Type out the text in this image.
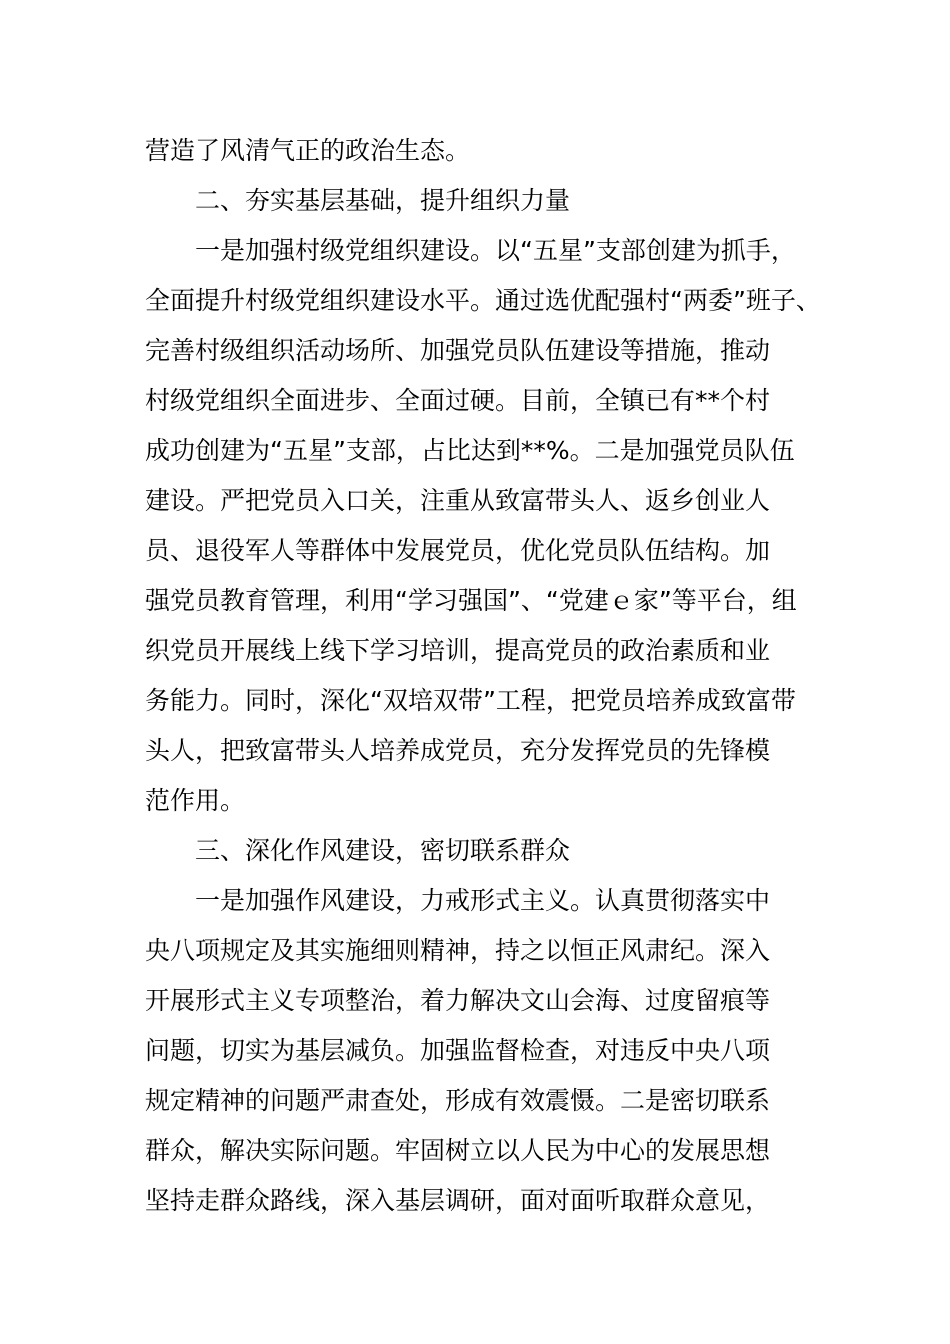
营造了风清气正的政治生态。
二、夯实基层基础，提升组织力量
一是加强村级党组织建设。以“五星”支部创建为抓手，
全面提升村级党组织建设水平。通过选优配强村“两委”班子、
完善村级组织活动场所、加强党员队伍建设等措施，推动
村级党组织全面进步、全面过硬。目前，全镇已有**个村
成功创建为“五星”支部，占比达到**%。二是加强党员队伍
建设。严把党员入口关，注重从致富带头人、返乡创业人
员、退役军人等群体中发展党员，优化党员队伍结构。加
强党员教育管理，利用“学习强国”、“党建ｅ家”等平台，组
织党员开展线上线下学习培训，提高党员的政治素质和业
务能力。同时，深化“双培双带”工程，把党员培养成致富带
头人，把致富带头人培养成党员，充分发挥党员的先锋模
范作用。
三、深化作风建设，密切联系群众
一是加强作风建设，力戒形式主义。认真贯彻落实中
央八项规定及其实施细则精神，持之以恒正风肃纪。深入
开展形式主义专项整治，着力解决文山会海、过度留痕等
问题，切实为基层减负。加强监督检查，对违反中央八项
规定精神的问题严肃查处，形成有效震慑。二是密切联系
群众，解决实际问题。牢固树立以人民为中心的发展思想
坚持走群众路线，深入基层调研，面对面听取群众意见，
